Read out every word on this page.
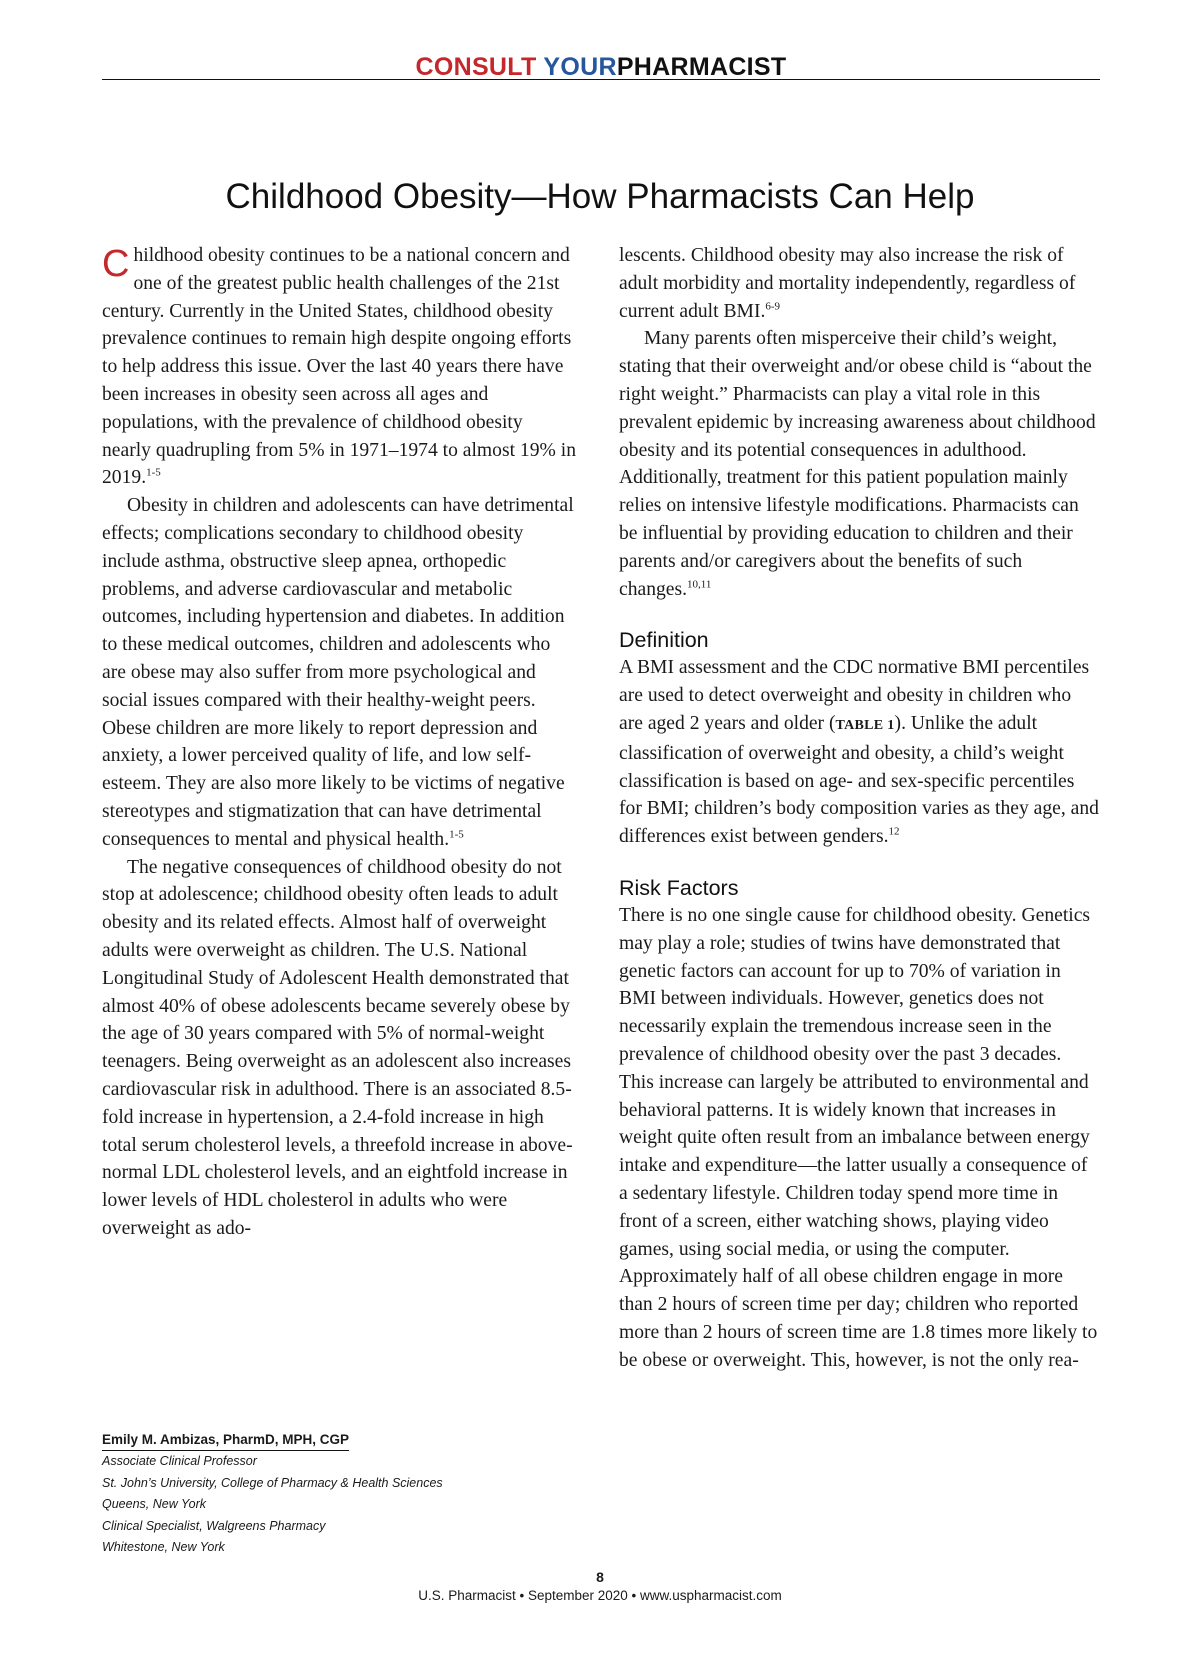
CONSULT YOURPHARMACIST
Childhood Obesity—How Pharmacists Can Help

Childhood obesity continues to be a national concern and one of the greatest public health challenges of the 21st century. Currently in the United States, childhood obesity prevalence continues to remain high despite ongoing efforts to help address this issue. Over the last 40 years there have been increases in obesity seen across all ages and populations, with the prevalence of childhood obesity nearly quadrupling from 5% in 1971–1974 to almost 19% in 2019.$^{1-5}$

Obesity in children and adolescents can have detrimental effects; complications secondary to childhood obesity include asthma, obstructive sleep apnea, orthopedic problems, and adverse cardiovascular and metabolic outcomes, including hypertension and diabetes. In addition to these medical outcomes, children and adolescents who are obese may also suffer from more psychological and social issues compared with their healthy-weight peers. Obese children are more likely to report depression and anxiety, a lower perceived quality of life, and low self-esteem. They are also more likely to be victims of negative stereotypes and stigmatization that can have detrimental consequences to mental and physical health.$^{1-5}$

The negative consequences of childhood obesity do not stop at adolescence; childhood obesity often leads to adult obesity and its related effects. Almost half of overweight adults were overweight as children. The U.S. National Longitudinal Study of Adolescent Health demonstrated that almost 40% of obese adolescents became severely obese by the age of 30 years compared with 5% of normal-weight teenagers. Being overweight as an adolescent also increases cardiovascular risk in adulthood. There is an associated 8.5-fold increase in hypertension, a 2.4-fold increase in high total serum cholesterol levels, a threefold increase in above-normal LDL cholesterol levels, and an eightfold increase in lower levels of HDL cholesterol in adults who were overweight as ado-

lescents. Childhood obesity may also increase the risk of adult morbidity and mortality independently, regardless of current adult BMI.$^{6-9}$

Many parents often misperceive their child’s weight, stating that their overweight and/or obese child is “about the right weight.” Pharmacists can play a vital role in this prevalent epidemic by increasing awareness about childhood obesity and its potential consequences in adulthood. Additionally, treatment for this patient population mainly relies on intensive lifestyle modifications. Pharmacists can be influential by providing education to children and their parents and/or caregivers about the benefits of such changes.$^{10,11}$

Definition

A BMI assessment and the CDC normative BMI percentiles are used to detect overweight and obesity in children who are aged 2 years and older (TABLE 1). Unlike the adult classification of overweight and obesity, a child’s weight classification is based on age- and sex-specific percentiles for BMI; children’s body composition varies as they age, and differences exist between genders.$^{12}$

Risk Factors

There is no one single cause for childhood obesity. Genetics may play a role; studies of twins have demonstrated that genetic factors can account for up to 70% of variation in BMI between individuals. However, genetics does not necessarily explain the tremendous increase seen in the prevalence of childhood obesity over the past 3 decades. This increase can largely be attributed to environmental and behavioral patterns. It is widely known that increases in weight quite often result from an imbalance between energy intake and expenditure—the latter usually a consequence of a sedentary lifestyle. Children today spend more time in front of a screen, either watching shows, playing video games, using social media, or using the computer. Approximately half of all obese children engage in more than 2 hours of screen time per day; children who reported more than 2 hours of screen time are 1.8 times more likely to be obese or overweight. This, however, is not the only rea-

Emily M. Ambizas, PharmD, MPH, CGP
Associate Clinical Professor
St. John’s University, College of Pharmacy & Health Sciences
Queens, New York
Clinical Specialist, Walgreens Pharmacy
Whitestone, New York
8
U.S. Pharmacist • September 2020 • www.uspharmacist.com
